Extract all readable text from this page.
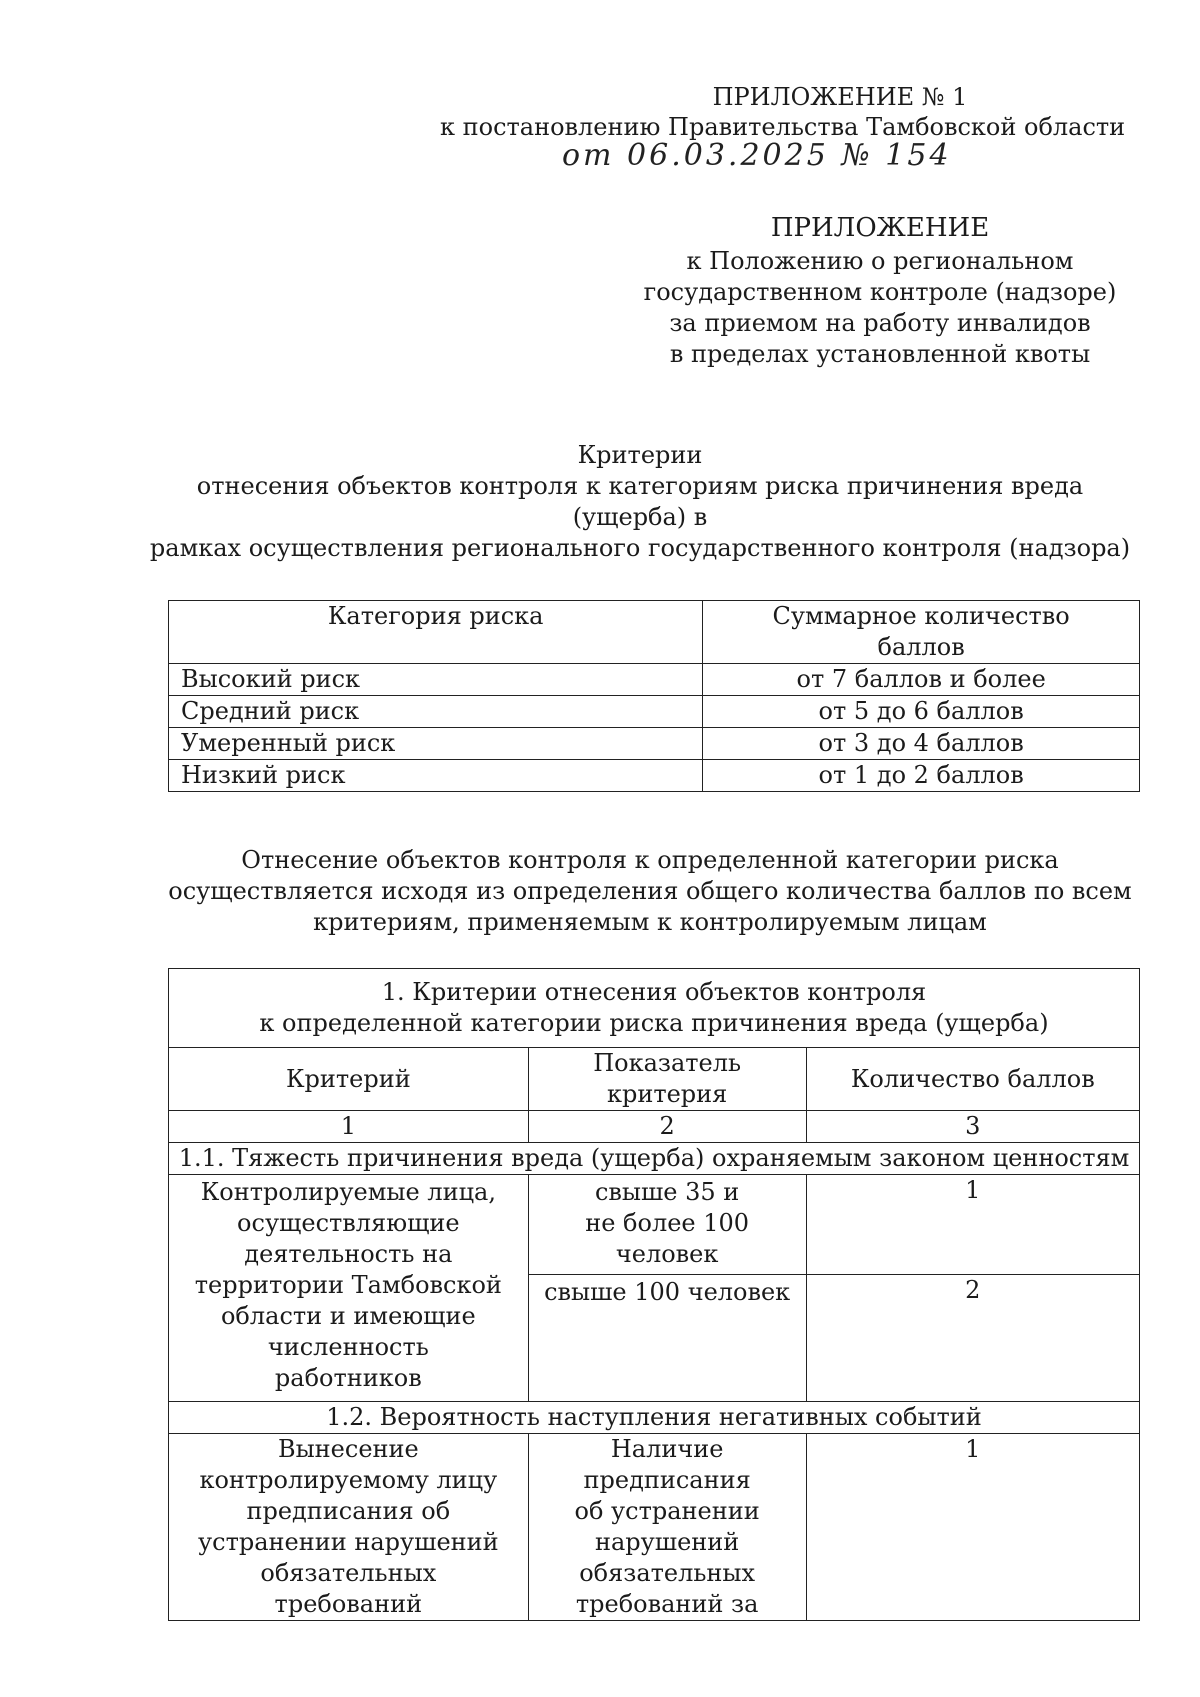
ПРИЛОЖЕНИЕ № 1
к постановлению Правительства Тамбовской области
от 06.03.2025 № 154
ПРИЛОЖЕНИЕ
к Положению о региональном
государственном контроле (надзоре)
за приемом на работу инвалидов
в пределах установленной квоты
Критерии
отнесения объектов контроля к категориям риска причинения вреда (ущерба) в
рамках осуществления регионального государственного контроля (надзора)
Категория риска	Суммарное количество баллов
Высокий риск	от 7 баллов и более
Средний риск	от 5 до 6 баллов
Умеренный риск	от 3 до 4 баллов
Низкий риск	от 1 до 2 баллов
Отнесение объектов контроля к определенной категории риска
осуществляется исходя из определения общего количества баллов по всем
критериям, применяемым к контролируемым лицам
1. Критерии отнесения объектов контроля
к определенной категории риска причинения вреда (ущерба)		

Критерий	Показатель критерия	Количество баллов
1	2	3
1.1. Тяжесть причинения вреда (ущерба) охраняемым законом ценностям		
Контролируемые лица, осуществляющие деятельность на территории Тамбовской области и имеющие численность работников	свыше 35 и не более 100 человек	1
	свыше 100 человек	2
1.2. Вероятность наступления негативных событий		
Вынесение контролируемому лицу предписания об устранении нарушений обязательных требований	Наличие предписания об устранении нарушений обязательных требований за	1
